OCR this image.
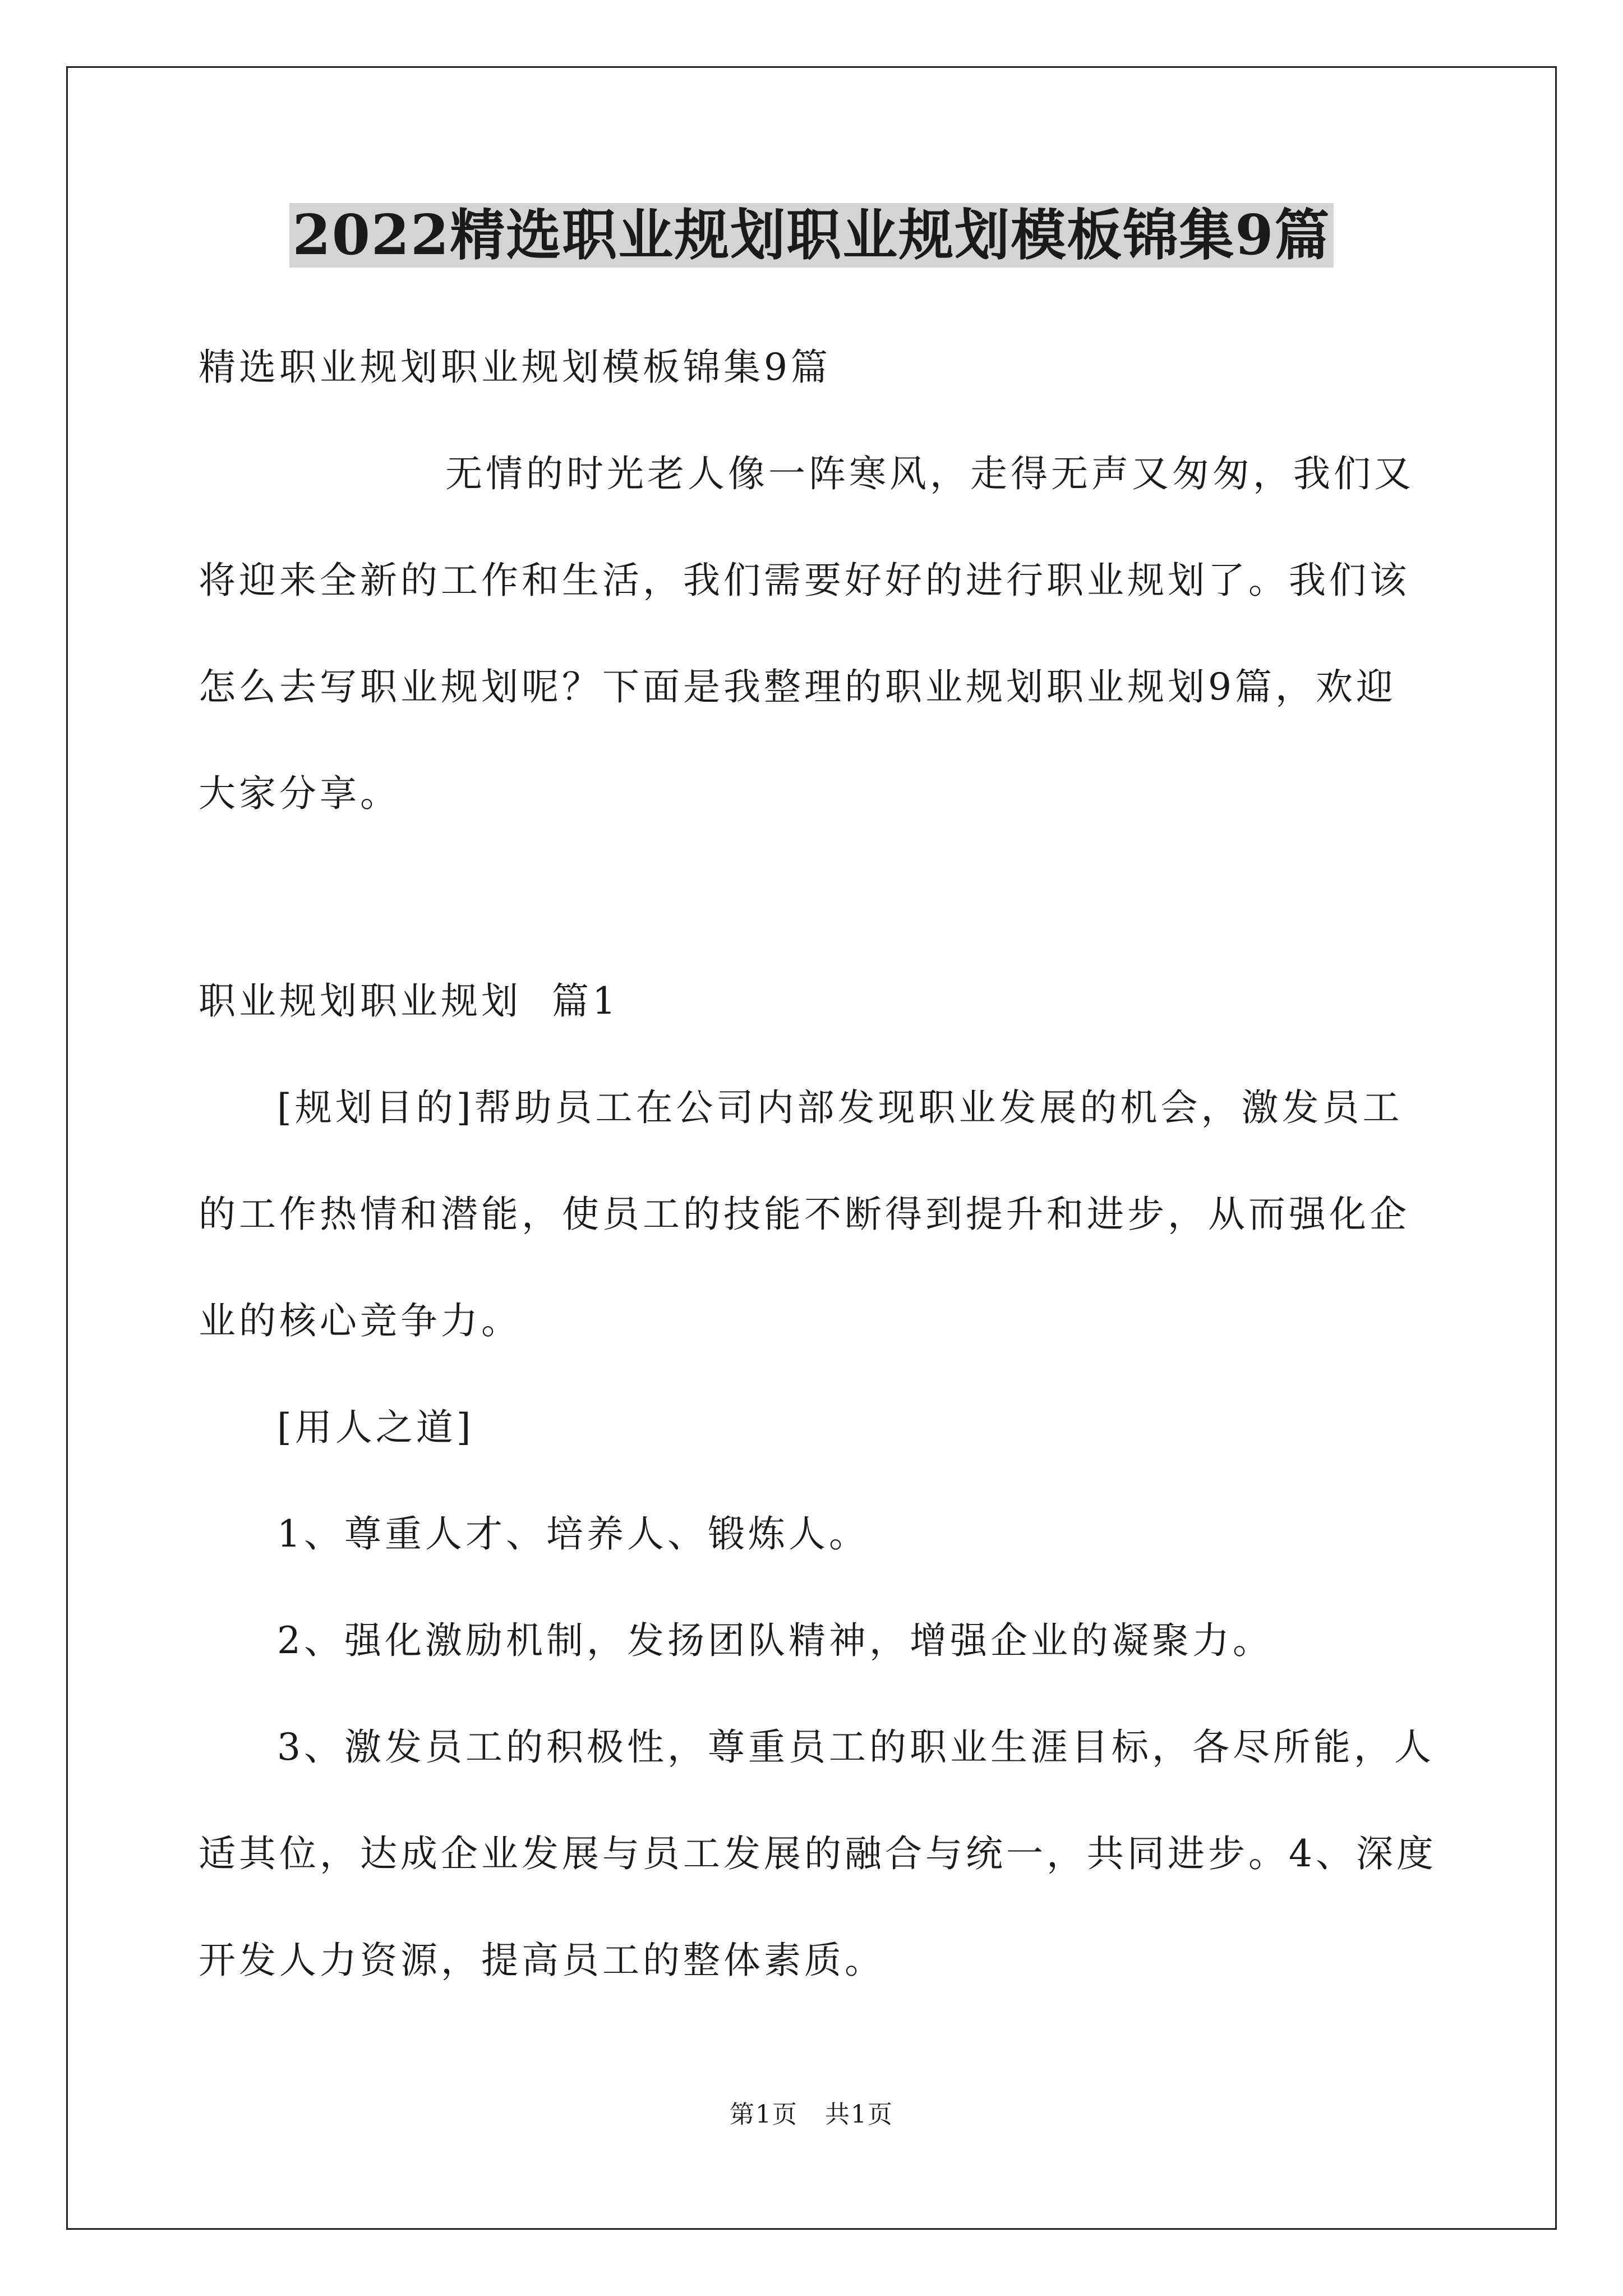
2022精选职业规划职业规划模板锦集9篇

精选职业规划职业规划模板锦集9篇

无情的时光老人像一阵寒风，走得无声又匆匆，我们又

将迎来全新的工作和生活，我们需要好好的进行职业规划了。我们该

怎么去写职业规划呢？下面是我整理的职业规划职业规划9篇，欢迎

大家分享。

职业规划职业规划  篇1

[规划目的]帮助员工在公司内部发现职业发展的机会，激发员工

的工作热情和潜能，使员工的技能不断得到提升和进步，从而强化企

业的核心竞争力。

[用人之道]

1、尊重人才、培养人、锻炼人。

2、强化激励机制，发扬团队精神，增强企业的凝聚力。

3、激发员工的积极性，尊重员工的职业生涯目标，各尽所能，人

适其位，达成企业发展与员工发展的融合与统一，共同进步。4、深度

开发人力资源，提高员工的整体素质。

第1页   共1页
